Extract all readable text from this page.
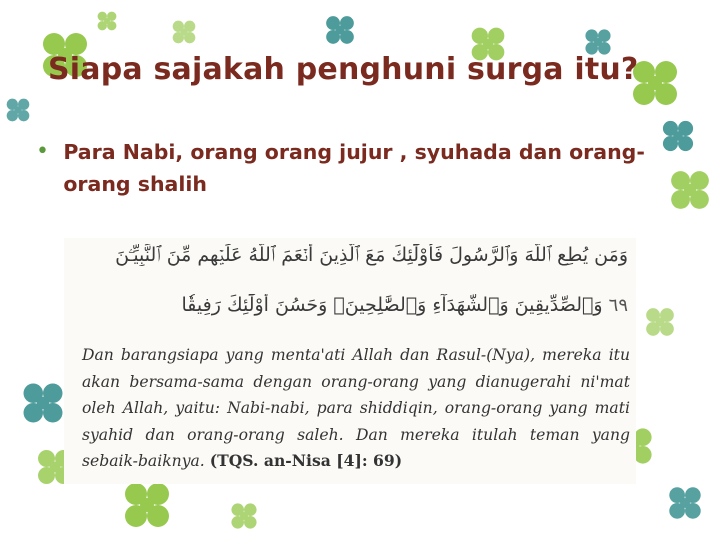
Siapa sajakah penghuni surga itu?
• Para Nabi, orang orang jujur , syuhada dan orang-orang shalih
وَمَن يُطِعِ ٱللَّهَ وَٱلرَّسُولَ فَأُوْلَٰٓئِكَ مَعَ ٱلَّذِينَ أَنۡعَمَ ٱللَّهُ عَلَيۡهِم مِّنَ ٱلنَّبِيِّـۧنَ
٦٩ وَٱلصِّدِّيقِينَ وَٱلشُّهَدَآءِ وَٱلصَّٰلِحِينَۚ وَحَسُنَ أُوْلَٰٓئِكَ رَفِيقٗا

Dan barangsiapa yang menta'ati Allah dan Rasul-(Nya), mereka itu akan bersama-sama dengan orang-orang yang dianugerahi ni'mat oleh Allah, yaitu: Nabi-nabi, para shiddiqin, orang-orang yang mati syahid dan orang-orang saleh. Dan mereka itulah teman yang sebaik-baiknya. (TQS. an-Nisa [4]: 69)
